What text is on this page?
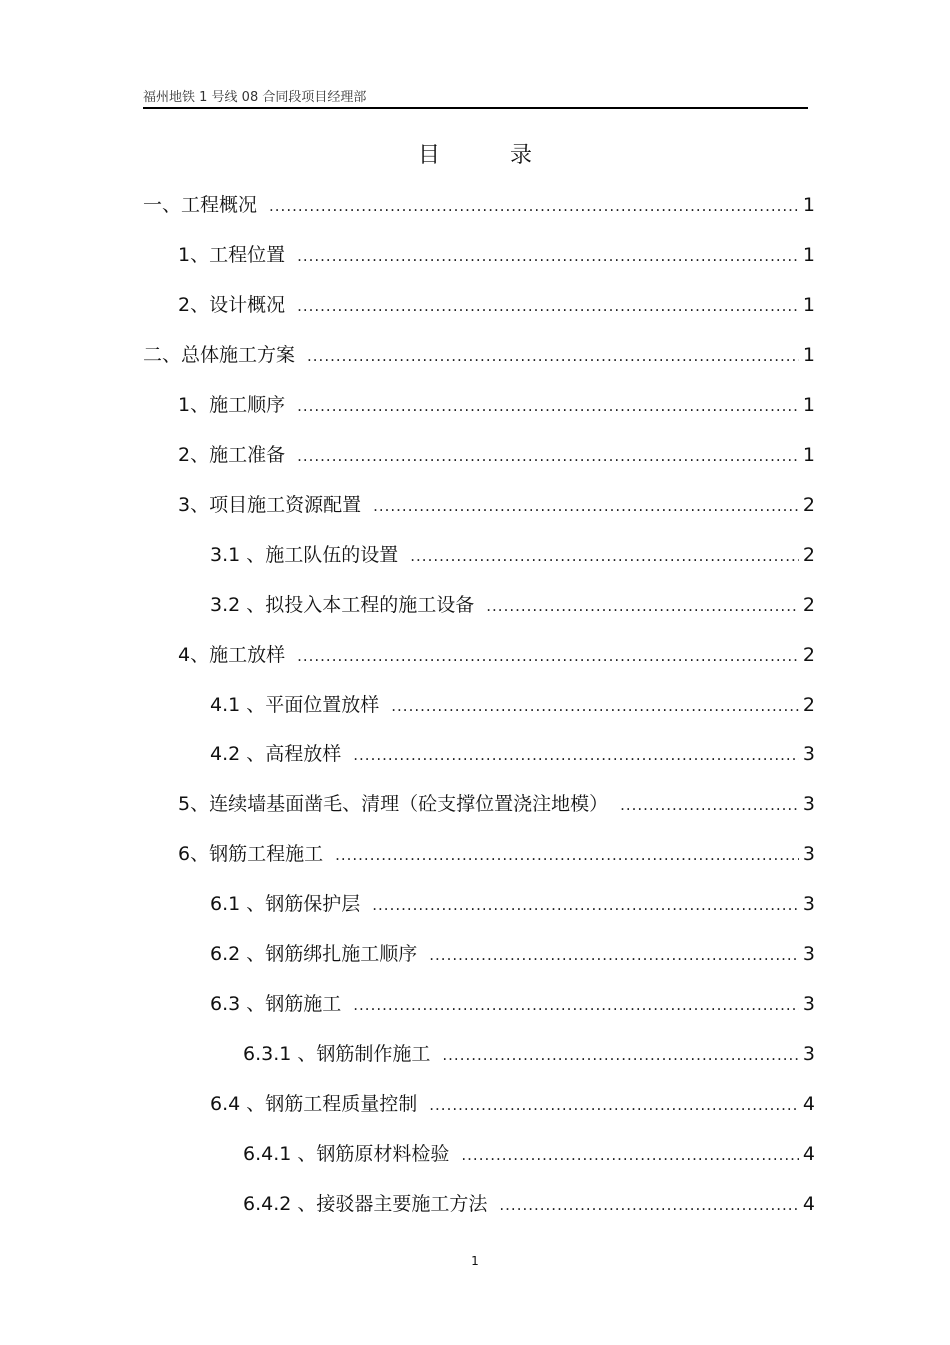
福州地铁 1 号线 08 合同段项目经理部
目录
一、工程概况 .....	1
1、工程位置 .....	1
2、设计概况 .....	1
二、总体施工方案 .....	1
1、施工顺序 .....	1
2、施工准备 .....	1
3、项目施工资源配置 .....	2
3.1 、施工队伍的设置 .....	2
3.2 、拟投入本工程的施工设备 .....	2
4、施工放样 .....	2
4.1 、平面位置放样 .....	2
4.2 、高程放样 .....	3
5、连续墙基面凿毛、清理（砼支撑位置浇注地模） .....	3
6、钢筋工程施工 .....	3
6.1 、钢筋保护层 .....	3
6.2 、钢筋绑扎施工顺序 .....	3
6.3 、钢筋施工 .....	3
6.3.1 、钢筋制作施工 .....	3
6.4 、钢筋工程质量控制 .....	4
6.4.1 、钢筋原材料检验 .....	4
6.4.2 、接驳器主要施工方法 .....	4
1
